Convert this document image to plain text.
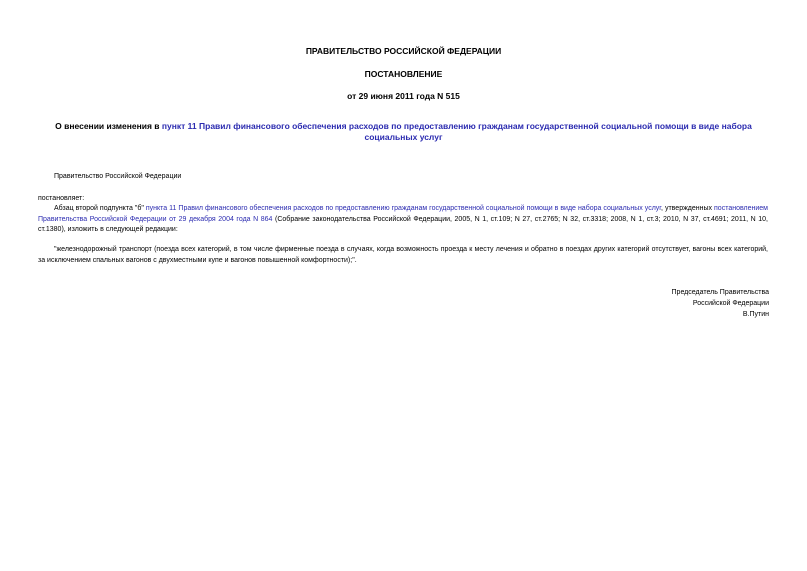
ПРАВИТЕЛЬСТВО РОССИЙСКОЙ ФЕДЕРАЦИИ
ПОСТАНОВЛЕНИЕ
от 29 июня 2011 года N 515
О внесении изменения в пункт 11 Правил финансового обеспечения расходов по предоставлению гражданам государственной социальной помощи в виде набора социальных услуг
Правительство Российской Федерации
постановляет:
Абзац второй подпункта "б" пункта 11 Правил финансового обеспечения расходов по предоставлению гражданам государственной социальной помощи в виде набора социальных услуг, утвержденных постановлением Правительства Российской Федерации от 29 декабря 2004 года N 864 (Собрание законодательства Российской Федерации, 2005, N 1, ст.109; N 27, ст.2765; N 32, ст.3318; 2008, N 1, ст.3; 2010, N 37, ст.4691; 2011, N 10, ст.1380), изложить в следующей редакции:
"железнодорожный транспорт (поезда всех категорий, в том числе фирменные поезда в случаях, когда возможность проезда к месту лечения и обратно в поездах других категорий отсутствует, вагоны всех категорий, за исключением спальных вагонов с двухместными купе и вагонов повышенной комфортности);".
Председатель Правительства
Российской Федерации
В.Путин
